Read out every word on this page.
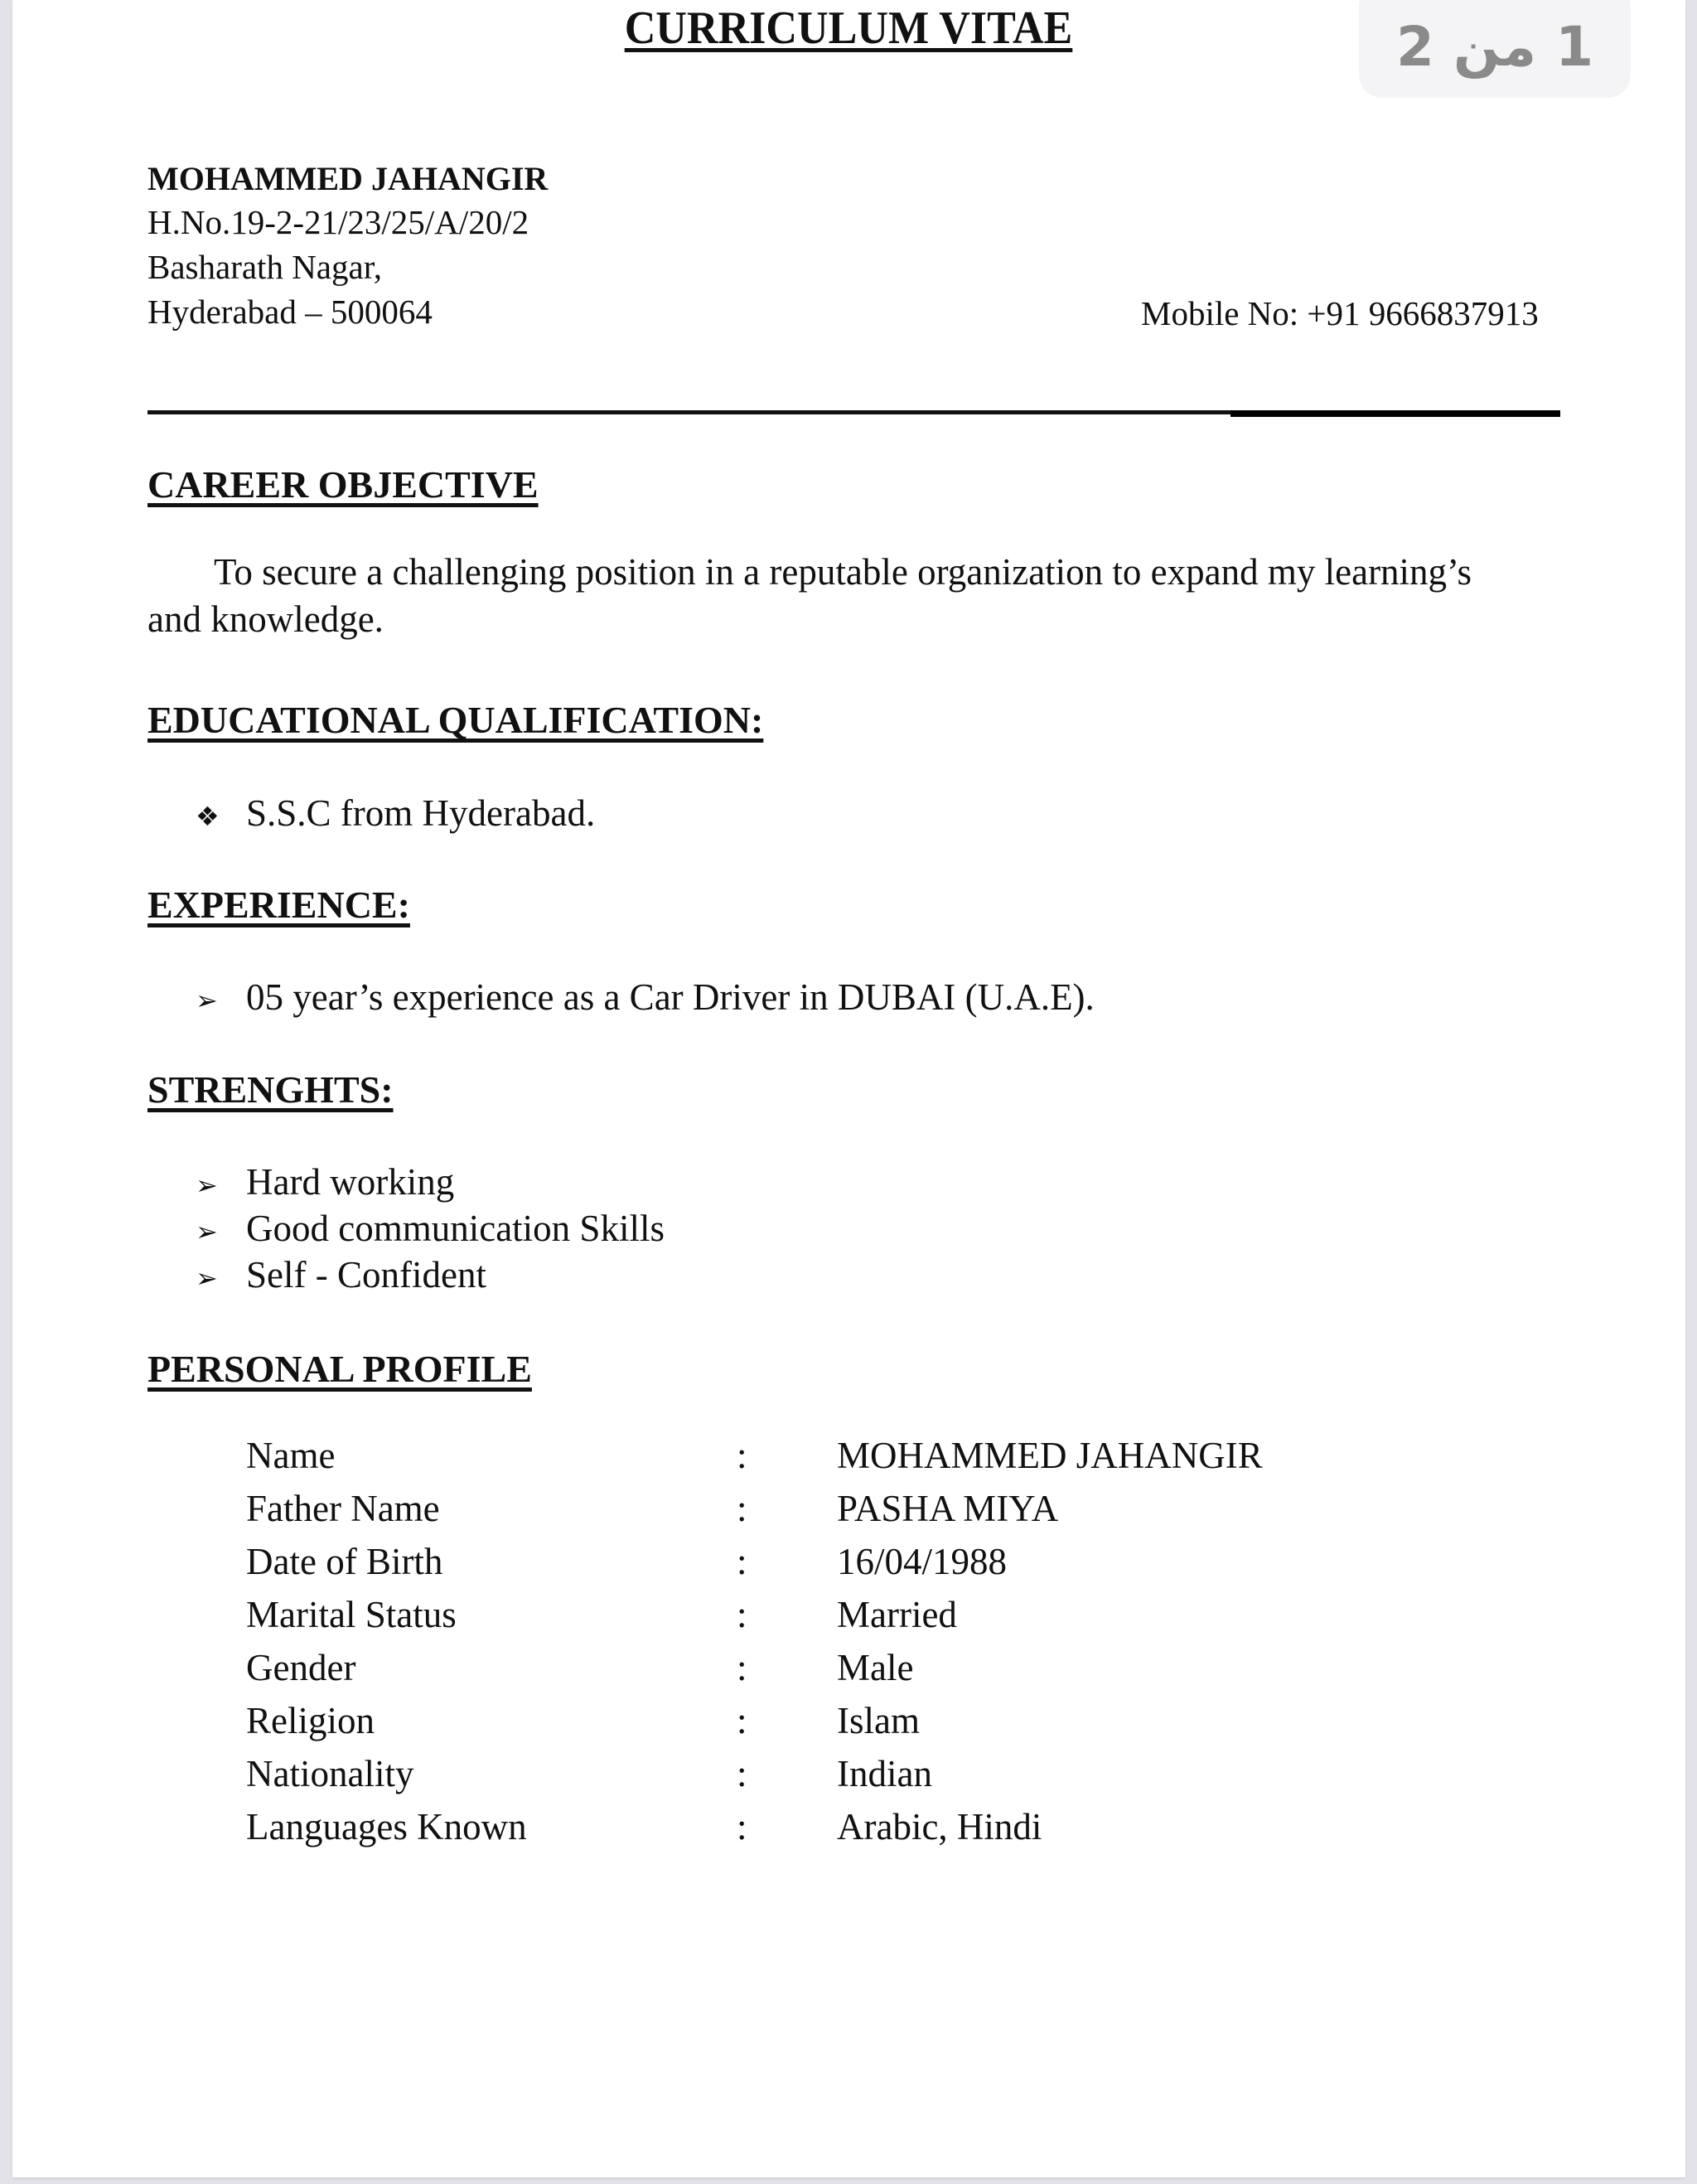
1 من 2
CURRICULUM VITAE
MOHAMMED JAHANGIR
H.No.19-2-21/23/25/A/20/2
Basharath Nagar,
Hyderabad – 500064	Mobile No: +91 9666837913
CAREER OBJECTIVE
To secure a challenging position in a reputable organization to expand my learning’s
and knowledge.
EDUCATIONAL QUALIFICATION:
❖ S.S.C from Hyderabad.
EXPERIENCE:
➢ 05 year’s experience as a Car Driver in DUBAI (U.A.E).
STRENGHTS:
➢ Hard working
➢ Good communication Skills
➢ Self - Confident
PERSONAL PROFILE
Name	: MOHAMMED JAHANGIR
Father Name	: PASHA MIYA
Date of Birth	: 16/04/1988
Marital Status	: Married
Gender	: Male
Religion	: Islam
Nationality	: Indian
Languages Known	: Arabic, Hindi
